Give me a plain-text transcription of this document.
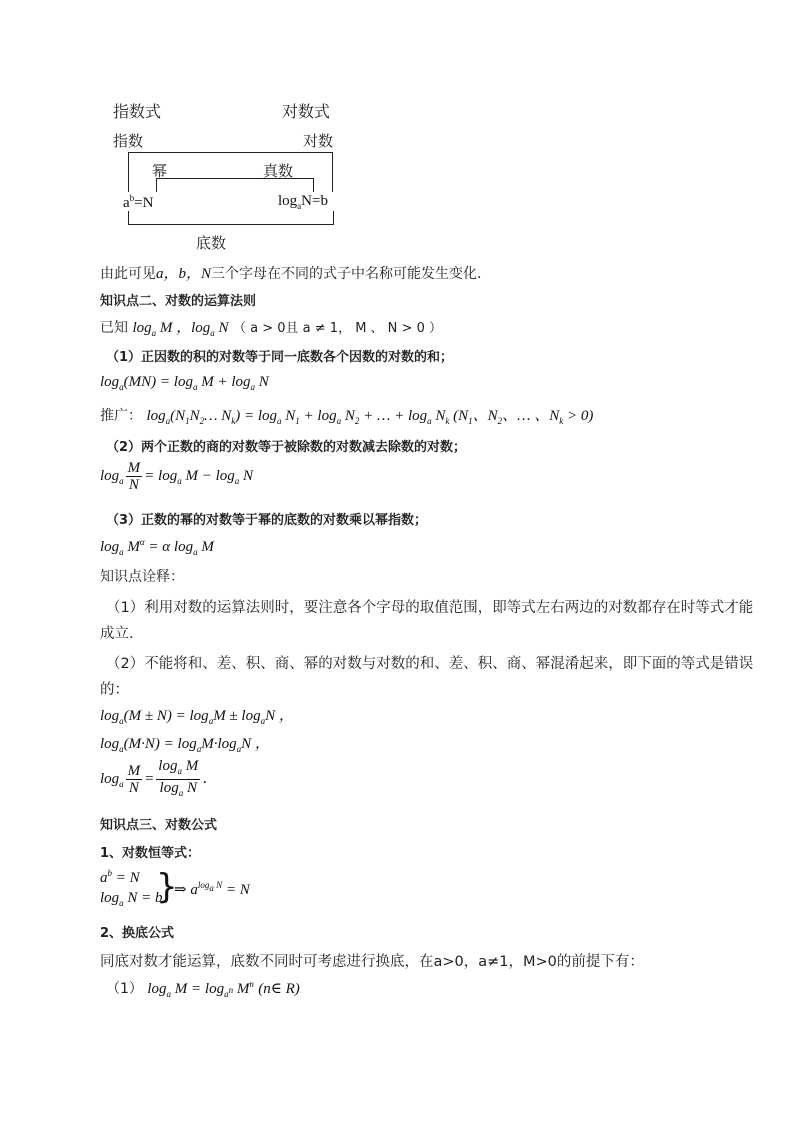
指数式	对数式
指数	对数
幂	真数
$a^b=N$	$\log_aN=b$
底数
由此可见a，b，N三个字母在不同的式子中名称可能发生变化．
知识点二、对数的运算法则
已知 $\log_a M$ ，$\log_a N$ （ a > 0且 a ≠ 1， M 、 N > 0 ）
（1）正因数的积的对数等于同一底数各个因数的对数的和；
$\log_a(MN) = \log_a M + \log_a N$
推广： $\log_a(N_1N_2\dots$ $N_k) = \log_a N_1 + \log_a N_2$ + … + $\log_a N_k$ ($N_1$、$N_2$、… 、$N_k > 0$)
（2）两个正数的商的对数等于被除数的对数减去除数的对数；
$\log_a \frac{M}{N} = \log_a M - \log_a N$
（3）正数的幂的对数等于幂的底数的对数乘以幂指数；
$\log_a M^\alpha = \alpha$ $\log_a M$
知识点诠释：
（1）利用对数的运算法则时，要注意各个字母的取值范围，即等式左右两边的对数都存在时等式才能
成立．
（2）不能将和、差、积、商、幂的对数与对数的和、差、积、商、幂混淆起来，即下面的等式是错误
的：
$\log_a(M \pm N) = \log_aM \pm \log_aN$ ，
$\log_a(M\cdot N) = \log_aM\cdot\log_aN$ ，
$\log_a \frac{M}{N} = \frac{\log_a M}{\log_a N}$ ．
知识点三、对数公式
1、对数恒等式：
$a^b = N$
$\log_a N = b$
}
⇒ $a^{log_a N} = N$
2、换底公式
同底对数才能运算，底数不同时可考虑进行换底，在a>0，a≠1，M>0的前提下有：
（1） $\log_a M = \log_{a^n} M^n$ (n∈ R)
